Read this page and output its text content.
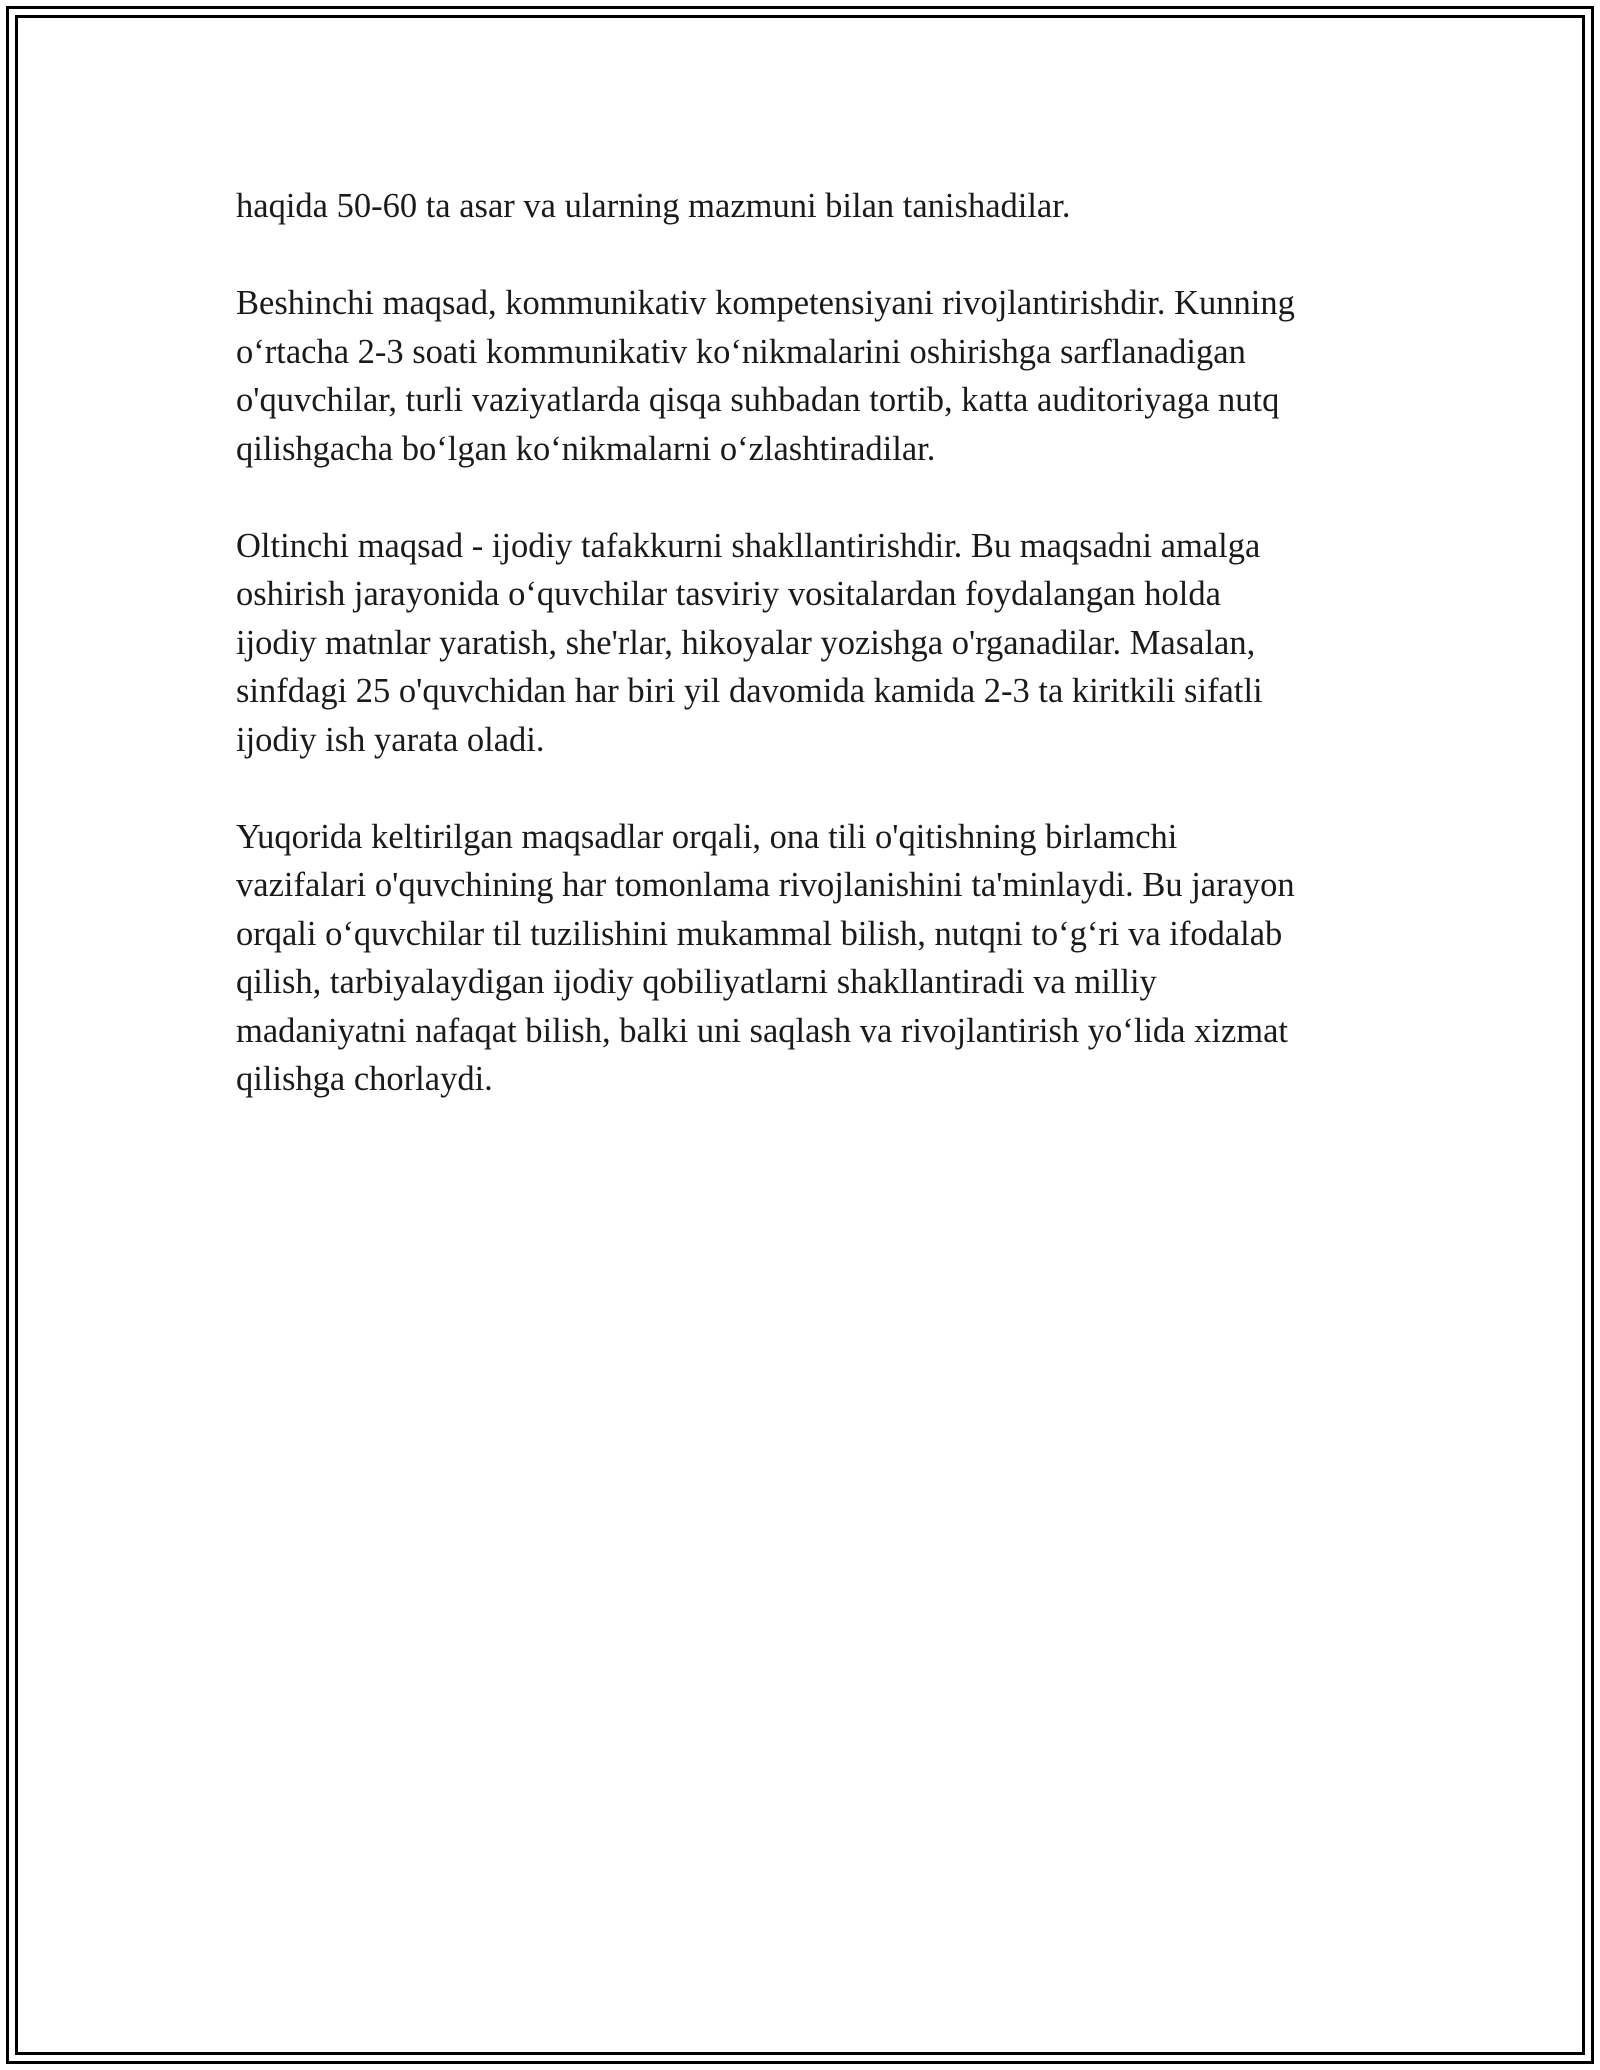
haqida 50-60 ta asar va ularning mazmuni bilan tanishadilar.

Beshinchi maqsad, kommunikativ kompetensiyani rivojlantirishdir. Kunning
o‘rtacha 2-3 soati kommunikativ ko‘nikmalarini oshirishga sarflanadigan
o'quvchilar, turli vaziyatlarda qisqa suhbadan tortib, katta auditoriyaga nutq
qilishgacha bo‘lgan ko‘nikmalarni o‘zlashtiradilar.

Oltinchi maqsad - ijodiy tafakkurni shakllantirishdir. Bu maqsadni amalga
oshirish jarayonida o‘quvchilar tasviriy vositalardan foydalangan holda
ijodiy matnlar yaratish, she'rlar, hikoyalar yozishga o'rganadilar. Masalan,
sinfdagi 25 o'quvchidan har biri yil davomida kamida 2-3 ta kiritkili sifatli
ijodiy ish yarata oladi.

Yuqorida keltirilgan maqsadlar orqali, ona tili o'qitishning birlamchi
vazifalari o'quvchining har tomonlama rivojlanishini ta'minlaydi. Bu jarayon
orqali o‘quvchilar til tuzilishini mukammal bilish, nutqni to‘g‘ri va ifodalab
qilish, tarbiyalaydigan ijodiy qobiliyatlarni shakllantiradi va milliy
madaniyatni nafaqat bilish, balki uni saqlash va rivojlantirish yo‘lida xizmat
qilishga chorlaydi.
